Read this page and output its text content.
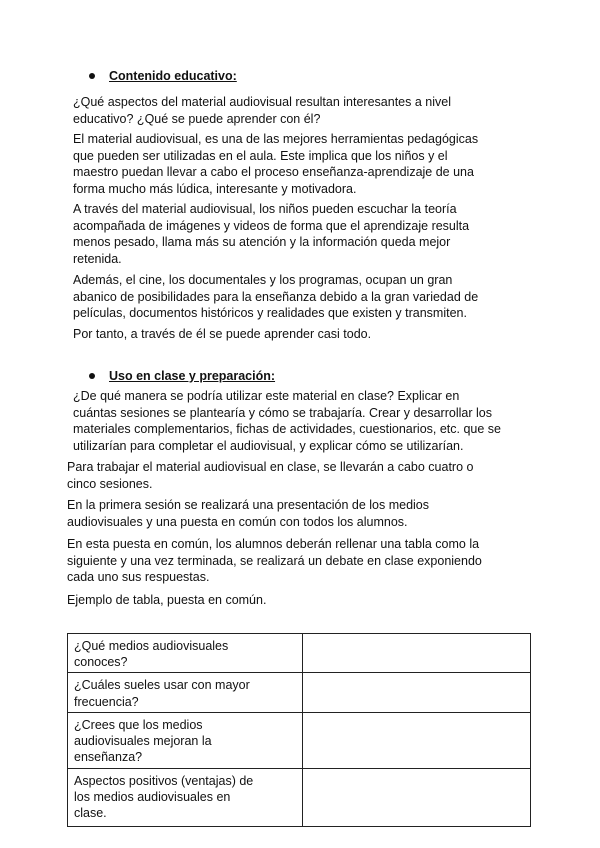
Contenido educativo:

¿Qué aspectos del material audiovisual resultan interesantes a nivel
educativo? ¿Qué se puede aprender con él?

El material audiovisual, es una de las mejores herramientas pedagógicas
que pueden ser utilizadas en el aula. Este implica que los niños y el
maestro puedan llevar a cabo el proceso enseñanza-aprendizaje de una
forma mucho más lúdica, interesante y motivadora.

A través del material audiovisual, los niños pueden escuchar la teoría
acompañada de imágenes y videos de forma que el aprendizaje resulta
menos pesado, llama más su atención y la información queda mejor
retenida.

Además, el cine, los documentales y los programas, ocupan un gran
abanico de posibilidades para la enseñanza debido a la gran variedad de
películas, documentos históricos y realidades que existen y transmiten.

Por tanto, a través de él se puede aprender casi todo.

Uso en clase y preparación:

¿De qué manera se podría utilizar este material en clase? Explicar en
cuántas sesiones se plantearía y cómo se trabajaría. Crear y desarrollar los
materiales complementarios, fichas de actividades, cuestionarios, etc. que se
utilizarían para completar el audiovisual, y explicar cómo se utilizarían.

Para trabajar el material audiovisual en clase, se llevarán a cabo cuatro o
cinco sesiones.

En la primera sesión se realizará una presentación de los medios
audiovisuales y una puesta en común con todos los alumnos.

En esta puesta en común, los alumnos deberán rellenar una tabla como la
siguiente y una vez terminada, se realizará un debate en clase exponiendo
cada uno sus respuestas.

Ejemplo de tabla, puesta en común.

¿Qué medios audiovisuales
conoces?	

¿Cuáles sueles usar con mayor
frecuencia?	

¿Crees que los medios
audiovisuales mejoran la
enseñanza?	

Aspectos positivos (ventajas) de
los medios audiovisuales en
clase.	
